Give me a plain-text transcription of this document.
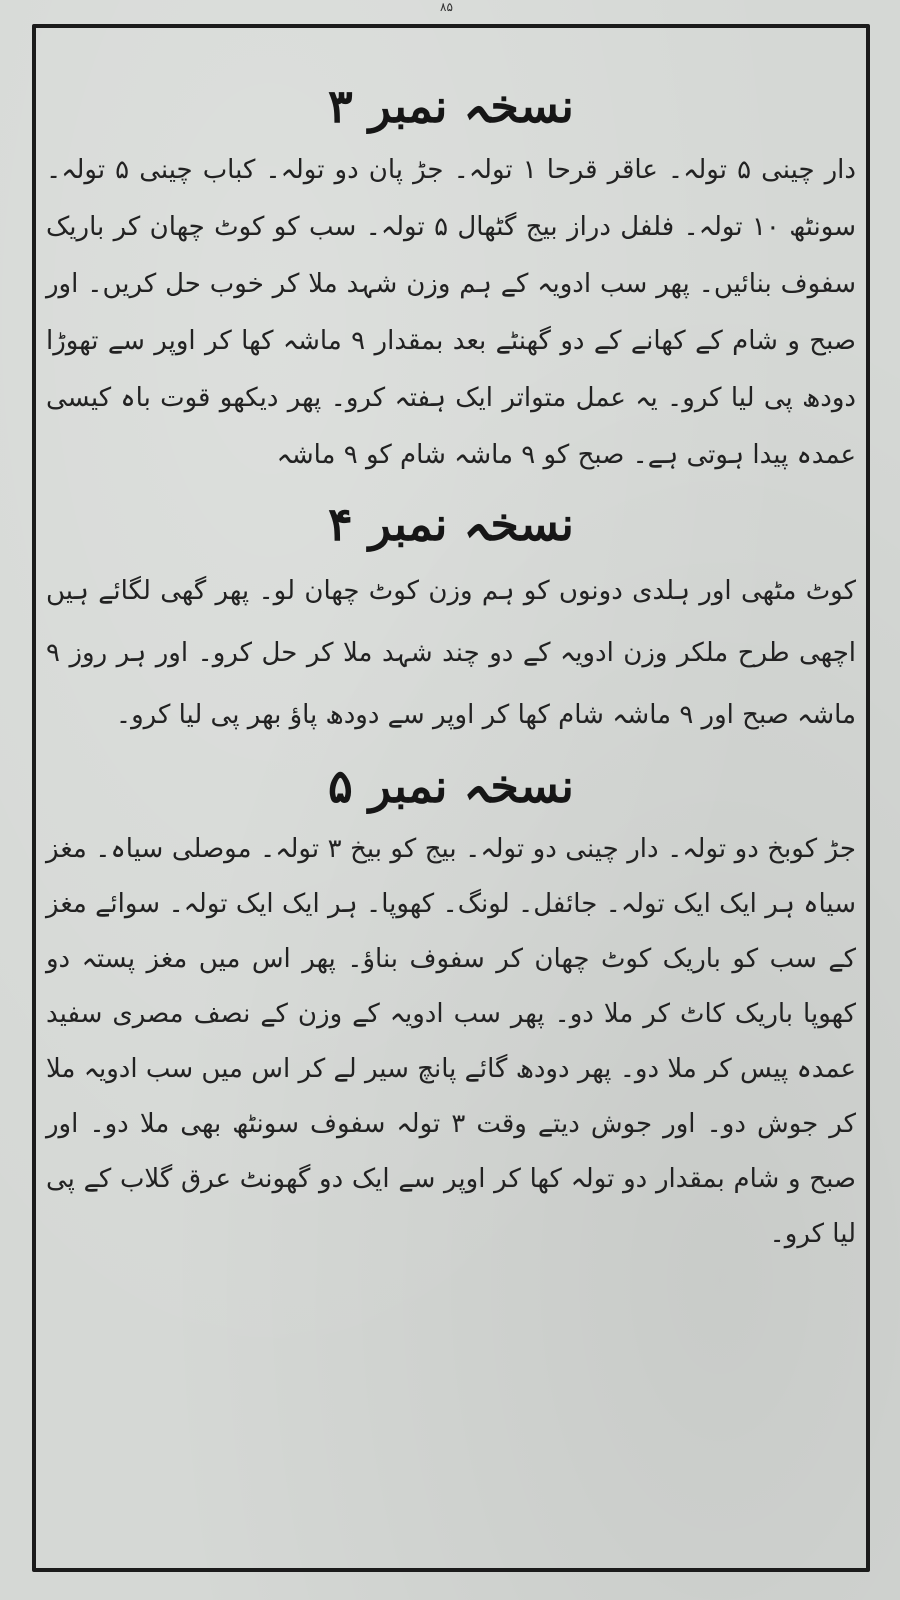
۸۵
نسخہ نمبر ۳

دار چینی ۵ تولہ۔ عاقر قرحا ۱ تولہ۔ جڑ پان دو تولہ۔ کباب چینی ۵ تولہ۔ سونٹھ ۱۰ تولہ۔ فلفل دراز بیج گٹھال ۵ تولہ۔ سب کو کوٹ چھان کر باریک سفوف بنائیں۔ پھر سب ادویہ کے ہم وزن شہد ملا کر خوب حل کریں۔ اور صبح و شام کے کھانے کے دو گھنٹے بعد بمقدار ۹ ماشہ کھا کر اوپر سے تھوڑا دودھ پی لیا کرو۔ یہ عمل متواتر ایک ہفتہ کرو۔ پھر دیکھو قوت باہ کیسی عمدہ پیدا ہوتی ہے۔ صبح کو ۹ ماشہ شام کو ۹ ماشہ

نسخہ نمبر ۴

کوٹ مٹھی اور ہلدی دونوں کو ہم وزن کوٹ چھان لو۔ پھر گھی لگائے ہیں اچھی طرح ملکر وزن ادویہ کے دو چند شہد ملا کر حل کرو۔ اور ہر روز ۹ ماشہ صبح اور ۹ ماشہ شام کھا کر اوپر سے دودھ پاؤ بھر پی لیا کرو۔

نسخہ نمبر ۵

جڑ کوبخ دو تولہ۔ دار چینی دو تولہ۔ بیج کو بیخ ۳ تولہ۔ موصلی سیاہ۔ مغز سیاہ ہر ایک ایک تولہ۔ جائفل۔ لونگ۔ کھوپا۔ ہر ایک ایک تولہ۔ سوائے مغز کے سب کو باریک کوٹ چھان کر سفوف بناؤ۔ پھر اس میں مغز پستہ دو کھوپا باریک کاٹ کر ملا دو۔ پھر سب ادویہ کے وزن کے نصف مصری سفید عمدہ پیس کر ملا دو۔ پھر دودھ گائے پانچ سیر لے کر اس میں سب ادویہ ملا کر جوش دو۔ اور جوش دیتے وقت ۳ تولہ سفوف سونٹھ بھی ملا دو۔ اور صبح و شام بمقدار دو تولہ کھا کر اوپر سے ایک دو گھونٹ عرق گلاب کے پی لیا کرو۔
